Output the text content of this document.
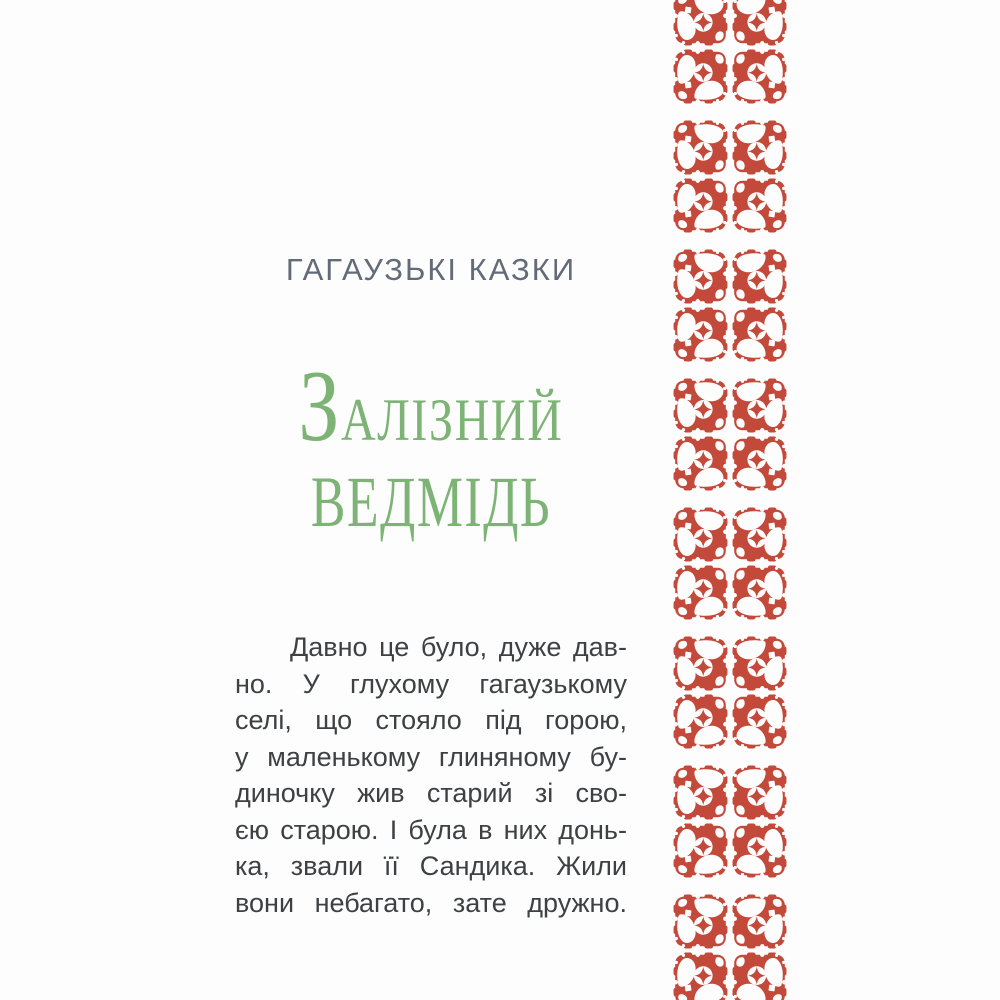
ГАГАУЗЬКІ КАЗКИ
З АЛІЗНИЙ
ВЕДМІДЬ
Давно це було, дуже дав-
но. У глухому гагаузькому
селі, що стояло під горою,
у маленькому глиняному бу-
диночку жив старий зі сво-
єю старою. І була в них донь-
ка, звали її Сандика. Жили
вони небагато, зате дружно.
